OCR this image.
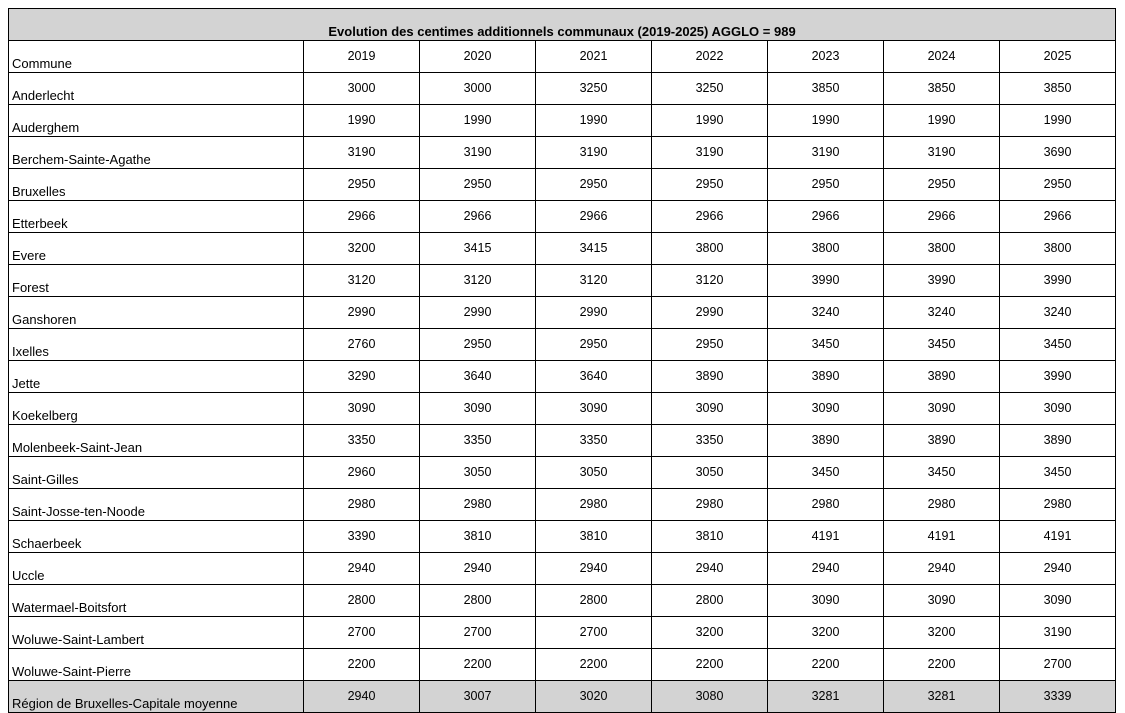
Evolution des centimes additionnels communaux (2019-2025) AGGLO = 989							
Commune	2019	2020	2021	2022	2023	2024	2025
Anderlecht	3000	3000	3250	3250	3850	3850	3850
Auderghem	1990	1990	1990	1990	1990	1990	1990
Berchem-Sainte-Agathe	3190	3190	3190	3190	3190	3190	3690
Bruxelles	2950	2950	2950	2950	2950	2950	2950
Etterbeek	2966	2966	2966	2966	2966	2966	2966
Evere	3200	3415	3415	3800	3800	3800	3800
Forest	3120	3120	3120	3120	3990	3990	3990
Ganshoren	2990	2990	2990	2990	3240	3240	3240
Ixelles	2760	2950	2950	2950	3450	3450	3450
Jette	3290	3640	3640	3890	3890	3890	3990
Koekelberg	3090	3090	3090	3090	3090	3090	3090
Molenbeek-Saint-Jean	3350	3350	3350	3350	3890	3890	3890
Saint-Gilles	2960	3050	3050	3050	3450	3450	3450
Saint-Josse-ten-Noode	2980	2980	2980	2980	2980	2980	2980
Schaerbeek	3390	3810	3810	3810	4191	4191	4191
Uccle	2940	2940	2940	2940	2940	2940	2940
Watermael-Boitsfort	2800	2800	2800	2800	3090	3090	3090
Woluwe-Saint-Lambert	2700	2700	2700	3200	3200	3200	3190
Woluwe-Saint-Pierre	2200	2200	2200	2200	2200	2200	2700
Région de Bruxelles-Capitale moyenne	2940	3007	3020	3080	3281	3281	3339
